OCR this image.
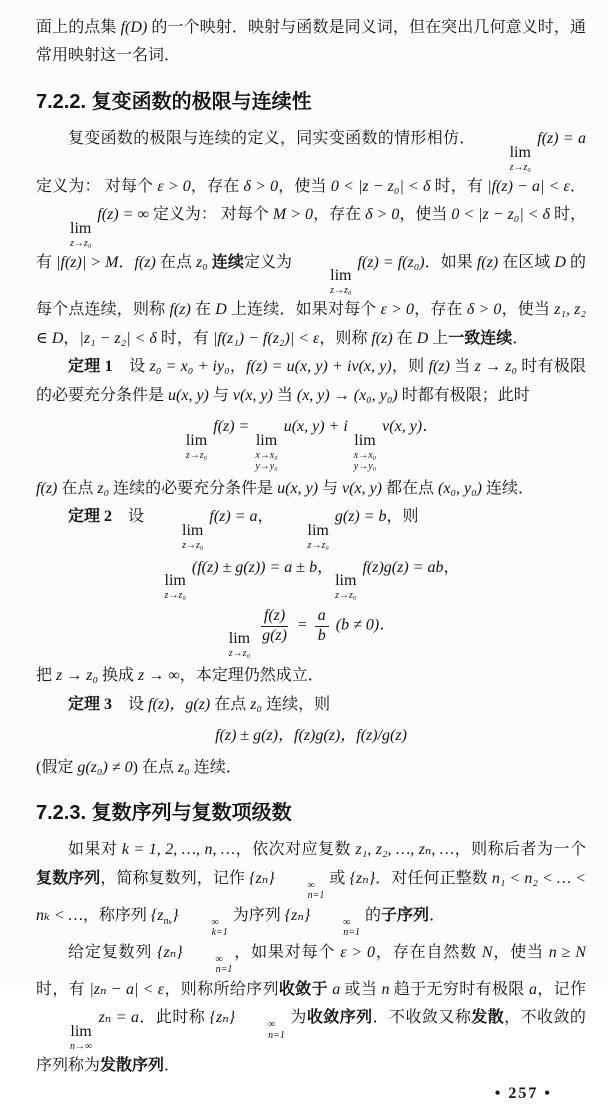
面上的点集 f(D) 的一个映射．映射与函数是同义词，但在突出几何意义时，通常用映射这一名词．

7.2.2. 复变函数的极限与连续性

复变函数的极限与连续的定义，同实变函数的情形相仿．
lim
z→z₀
f(z) = a 定义为： 对每个 ε > 0，存在 δ > 0，使当 0 < |z − z₀| < δ 时，有 |f(z) − a| < ε．
lim
z→z₀
f(z) = ∞ 定义为： 对每个 M > 0，存在 δ > 0，使当 0 < |z − z₀| < δ 时，有 |f(z)| > M．f(z) 在点 z₀ 连续定义为
lim
z→z₀
f(z) = f(z₀)．如果 f(z) 在区域 D 的每个点连续，则称 f(z) 在 D 上连续．如果对每个 ε > 0，存在 δ > 0，使当 z₁, z₂ ∈ D，|z₁ − z₂| < δ 时，有 |f(z₁) − f(z₂)| < ε，则称 f(z) 在 D 上一致连续．

定理 1　设 z₀ = x₀ + iy₀，f(z) = u(x, y) + iv(x, y)，则 f(z) 当 z → z₀ 时有极限的必要充分条件是 u(x, y) 与 v(x, y) 当 (x, y) → (x₀, y₀) 时都有极限；此时

lim
z→z₀
f(z) =
lim
x→x₀
y→y₀
u(x, y) + i
lim
x→x₀
y→y₀
v(x, y)．

f(z) 在点 z₀ 连续的必要充分条件是 u(x, y) 与 v(x, y) 都在点 (x₀, y₀) 连续．

定理 2　设
lim
z→z₀
f(z) = a，
lim
z→z₀
g(z) = b，则

lim
z→z₀
(f(z) ± g(z)) = a ± b，
lim
z→z₀
f(z)g(z) = ab，
lim
z→z₀

$\frac{f(z)}{g(z)} = \frac{a}{b} (b \ne 0)$．

把 z → z₀ 换成 z → ∞，本定理仍然成立．

定理 3　设 f(z)，g(z) 在点 z₀ 连续，则

f(z) ± g(z)，f(z)g(z)，f(z)/g(z)

(假定 g(z₀) ≠ 0) 在点 z₀ 连续．

7.2.3. 复数序列与复数项级数

如果对 k = 1, 2, …, n, …，依次对应复数 z₁, z₂, …, zₙ, …，则称后者为一个复数序列，简称复数列，记作 {zₙ}	∞
n=1
或 {zₙ}．对任何正整数 n₁ < n₂ < … < nₖ < …，称序列 $\{z_{n_k}\}$	∞
k=1
为序列 {zₙ}	∞
n=1
的子序列．

给定复数列 {zₙ}	∞
n=1
，如果对每个 ε > 0，存在自然数 N，使当 n ≥ N 时，有 |zₙ − a| < ε，则称所给序列收敛于 a 或当 n 趋于无穷时有极限 a，记作
lim
n→∞
zₙ = a．此时称 {zₙ}	∞
n=1
为收敛序列．不收敛又称发散，不收敛的序列称为发散序列．

• 257 •
